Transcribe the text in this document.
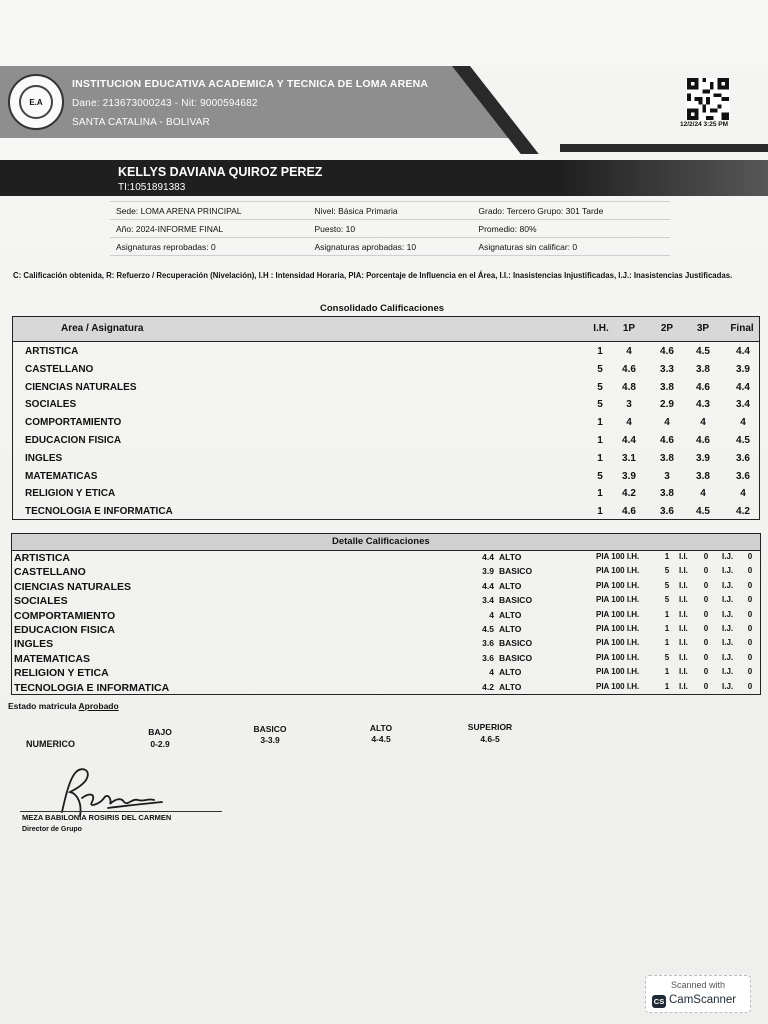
E.A
INSTITUCION EDUCATIVA ACADEMICA Y TECNICA DE LOMA ARENA
Dane: 213673000243 - Nit: 9000594682
SANTA CATALINA - BOLIVAR	12/2/24 3:25 PM
KELLYS DAVIANA QUIROZ PEREZ
TI:1051891383
Sede: LOMA ARENA PRINCIPAL	Nivel: Básica Primaria	Grado: Tercero Grupo: 301 Tarde
Año: 2024-INFORME FINAL	Puesto: 10	Promedio: 80%
Asignaturas reprobadas: 0	Asignaturas aprobadas: 10	Asignaturas sin calificar: 0
C: Calificación obtenida, R: Refuerzo / Recuperación (Nivelación), I.H : Intensidad Horaria, PIA: Porcentaje de Influencia en el Área, I.I.: Inasistencias Injustificadas, I.J.: Inasistencias Justificadas.
Consolidado Calificaciones
Area / Asignatura	I.H.	1P	2P	3P	Final
ARTISTICA	1	4	4.6	4.5	4.4
CASTELLANO	5	4.6	3.3	3.8	3.9
CIENCIAS NATURALES	5	4.8	3.8	4.6	4.4
SOCIALES	5	3	2.9	4.3	3.4
COMPORTAMIENTO	1	4	4	4	4
EDUCACION FISICA	1	4.4	4.6	4.6	4.5
INGLES	1	3.1	3.8	3.9	3.6
MATEMATICAS	5	3.9	3	3.8	3.6
RELIGION Y ETICA	1	4.2	3.8	4	4
TECNOLOGIA E INFORMATICA	1	4.6	3.6	4.5	4.2
Detalle Calificaciones
ARTISTICA	4.4 ALTO	PIA 100 I.H.	1	I.I. 0 I.J. 0
CASTELLANO	3.9 BASICO	PIA 100 I.H.	5	I.I. 0 I.J. 0
CIENCIAS NATURALES	4.4 ALTO	PIA 100 I.H.	5	I.I. 0 I.J. 0
SOCIALES	3.4 BASICO	PIA 100 I.H.	5	I.I. 0 I.J. 0
COMPORTAMIENTO	4 ALTO	PIA 100 I.H.	1	I.I. 0 I.J. 0
EDUCACION FISICA	4.5 ALTO	PIA 100 I.H.	1	I.I. 0 I.J. 0
INGLES	3.6 BASICO	PIA 100 I.H.	1	I.I. 0 I.J. 0
MATEMATICAS	3.6 BASICO	PIA 100 I.H.	5	I.I. 0 I.J. 0
RELIGION Y ETICA	4 ALTO	PIA 100 I.H.	1	I.I. 0 I.J. 0
TECNOLOGIA E INFORMATICA	4.2 ALTO	PIA 100 I.H.	1	I.I. 0 I.J. 0
Estado matricula Aprobado
NUMERICO
BAJO
0-2.9
BASICO
3-3.9
ALTO
4-4.5
SUPERIOR
4.6-5
MEZA BABILONIA ROSIRIS DEL CARMEN
Director de Grupo
Scanned with
CS CamScanner
